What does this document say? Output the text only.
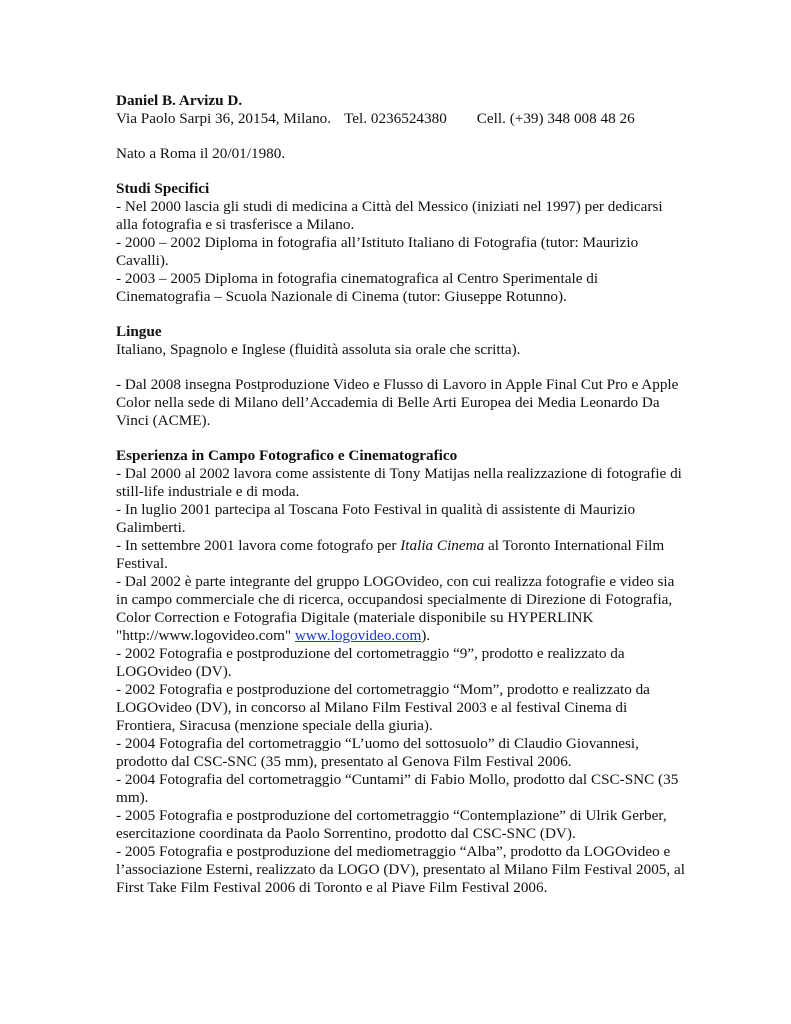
Daniel B. Arvizu D.
Via Paolo Sarpi 36, 20154, Milano. Tel. 0236524380 Cell. (+39) 348 008 48 26
Nato a Roma il 20/01/1980.
Studi Specifici
- Nel 2000 lascia gli studi di medicina a Città del Messico (iniziati nel 1997) per dedicarsi alla fotografia e si trasferisce a Milano.
- 2000 – 2002 Diploma in fotografia all’Istituto Italiano di Fotografia (tutor: Maurizio Cavalli).
- 2003 – 2005 Diploma in fotografia cinematografica al Centro Sperimentale di Cinematografia – Scuola Nazionale di Cinema (tutor: Giuseppe Rotunno).
Lingue
Italiano, Spagnolo e Inglese (fluidità assoluta sia orale che scritta).
- Dal 2008 insegna Postproduzione Video e Flusso di Lavoro in Apple Final Cut Pro e Apple Color nella sede di Milano dell’Accademia di Belle Arti Europea dei Media Leonardo Da Vinci (ACME).
Esperienza in Campo Fotografico e Cinematografico
- Dal 2000 al 2002 lavora come assistente di Tony Matijas nella realizzazione di fotografie di still-life industriale e di moda.
- In luglio 2001 partecipa al Toscana Foto Festival in qualità di assistente di Maurizio Galimberti.
- In settembre 2001 lavora come fotografo per Italia Cinema al Toronto International Film Festival.
- Dal 2002 è parte integrante del gruppo LOGOvideo, con cui realizza fotografie e video sia in campo commerciale che di ricerca, occupandosi specialmente di Direzione di Fotografia, Color Correction e Fotografia Digitale (materiale disponibile su HYPERLINK "http://www.logovideo.com" www.logovideo.com).
- 2002 Fotografia e postproduzione del cortometraggio “9”, prodotto e realizzato da LOGOvideo (DV).
- 2002 Fotografia e postproduzione del cortometraggio “Mom”, prodotto e realizzato da LOGOvideo (DV), in concorso al Milano Film Festival 2003 e al festival Cinema di Frontiera, Siracusa (menzione speciale della giuria).
- 2004 Fotografia del cortometraggio “L’uomo del sottosuolo” di Claudio Giovannesi, prodotto dal CSC-SNC (35 mm), presentato al Genova Film Festival 2006.
- 2004 Fotografia del cortometraggio “Cuntami” di Fabio Mollo, prodotto dal CSC-SNC (35 mm).
- 2005 Fotografia e postproduzione del cortometraggio “Contemplazione” di Ulrik Gerber, esercitazione coordinata da Paolo Sorrentino, prodotto dal CSC-SNC (DV).
- 2005 Fotografia e postproduzione del mediometraggio “Alba”, prodotto da LOGOvideo e l’associazione Esterni, realizzato da LOGO (DV), presentato al Milano Film Festival 2005, al First Take Film Festival 2006 di Toronto e al Piave Film Festival 2006.
